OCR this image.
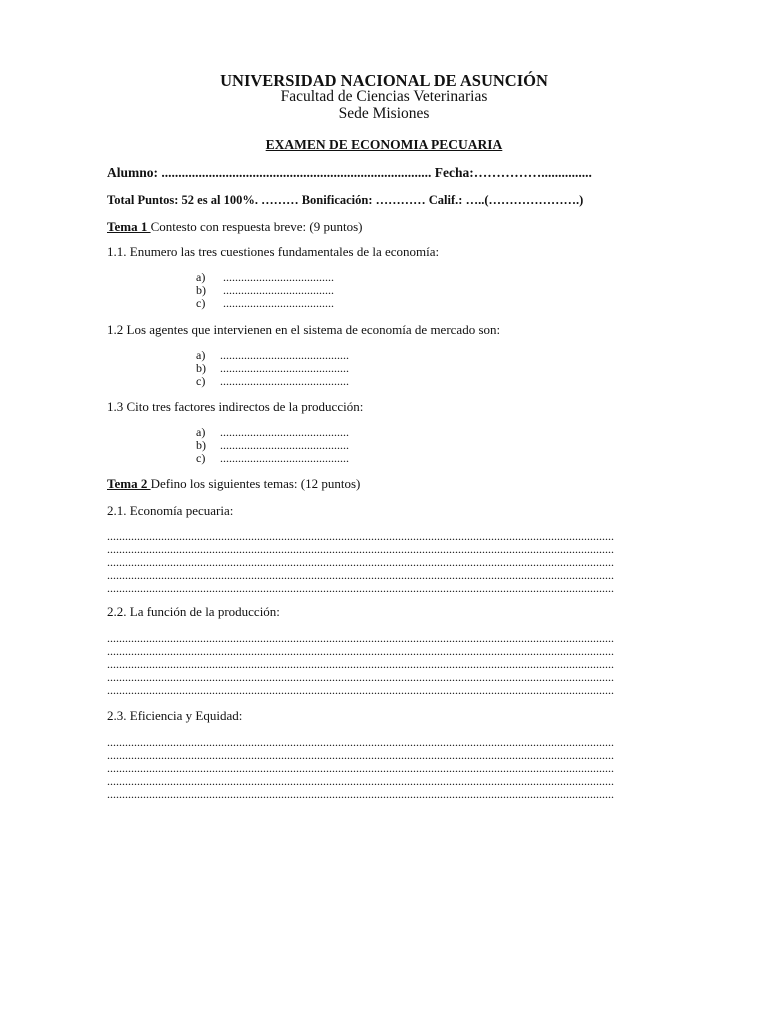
UNIVERSIDAD NACIONAL DE ASUNCIÓN
Facultad de Ciencias Veterinarias
Sede Misiones
EXAMEN DE ECONOMIA PECUARIA
Alumno: ................................................................................ Fecha:……………...............
Total Puntos: 52 es al 100%. ……… Bonificación: ………… Calif.: …..(………………….)
Tema 1 Contesto con respuesta breve: (9 puntos)
1.1. Enumero las tres cuestiones fundamentales de la economía:
a) .....................................
b) .....................................
c) .....................................
1.2 Los agentes que intervienen en el sistema de economía de mercado son:
a) ...........................................
b) ...........................................
c) ...........................................
1.3 Cito tres factores indirectos de la producción:
a) ...........................................
b) ...........................................
c) ...........................................
Tema 2 Defino los siguientes temas: (12 puntos)
2.1. Economía pecuaria:
.........................................................................................................................................................................
.........................................................................................................................................................................
.........................................................................................................................................................................
.........................................................................................................................................................................
.........................................................................................................................................................................
2.2. La función de la producción:
.........................................................................................................................................................................
.........................................................................................................................................................................
.........................................................................................................................................................................
.........................................................................................................................................................................
.........................................................................................................................................................................
2.3. Eficiencia y Equidad:
.........................................................................................................................................................................
.........................................................................................................................................................................
.........................................................................................................................................................................
.........................................................................................................................................................................
.........................................................................................................................................................................
